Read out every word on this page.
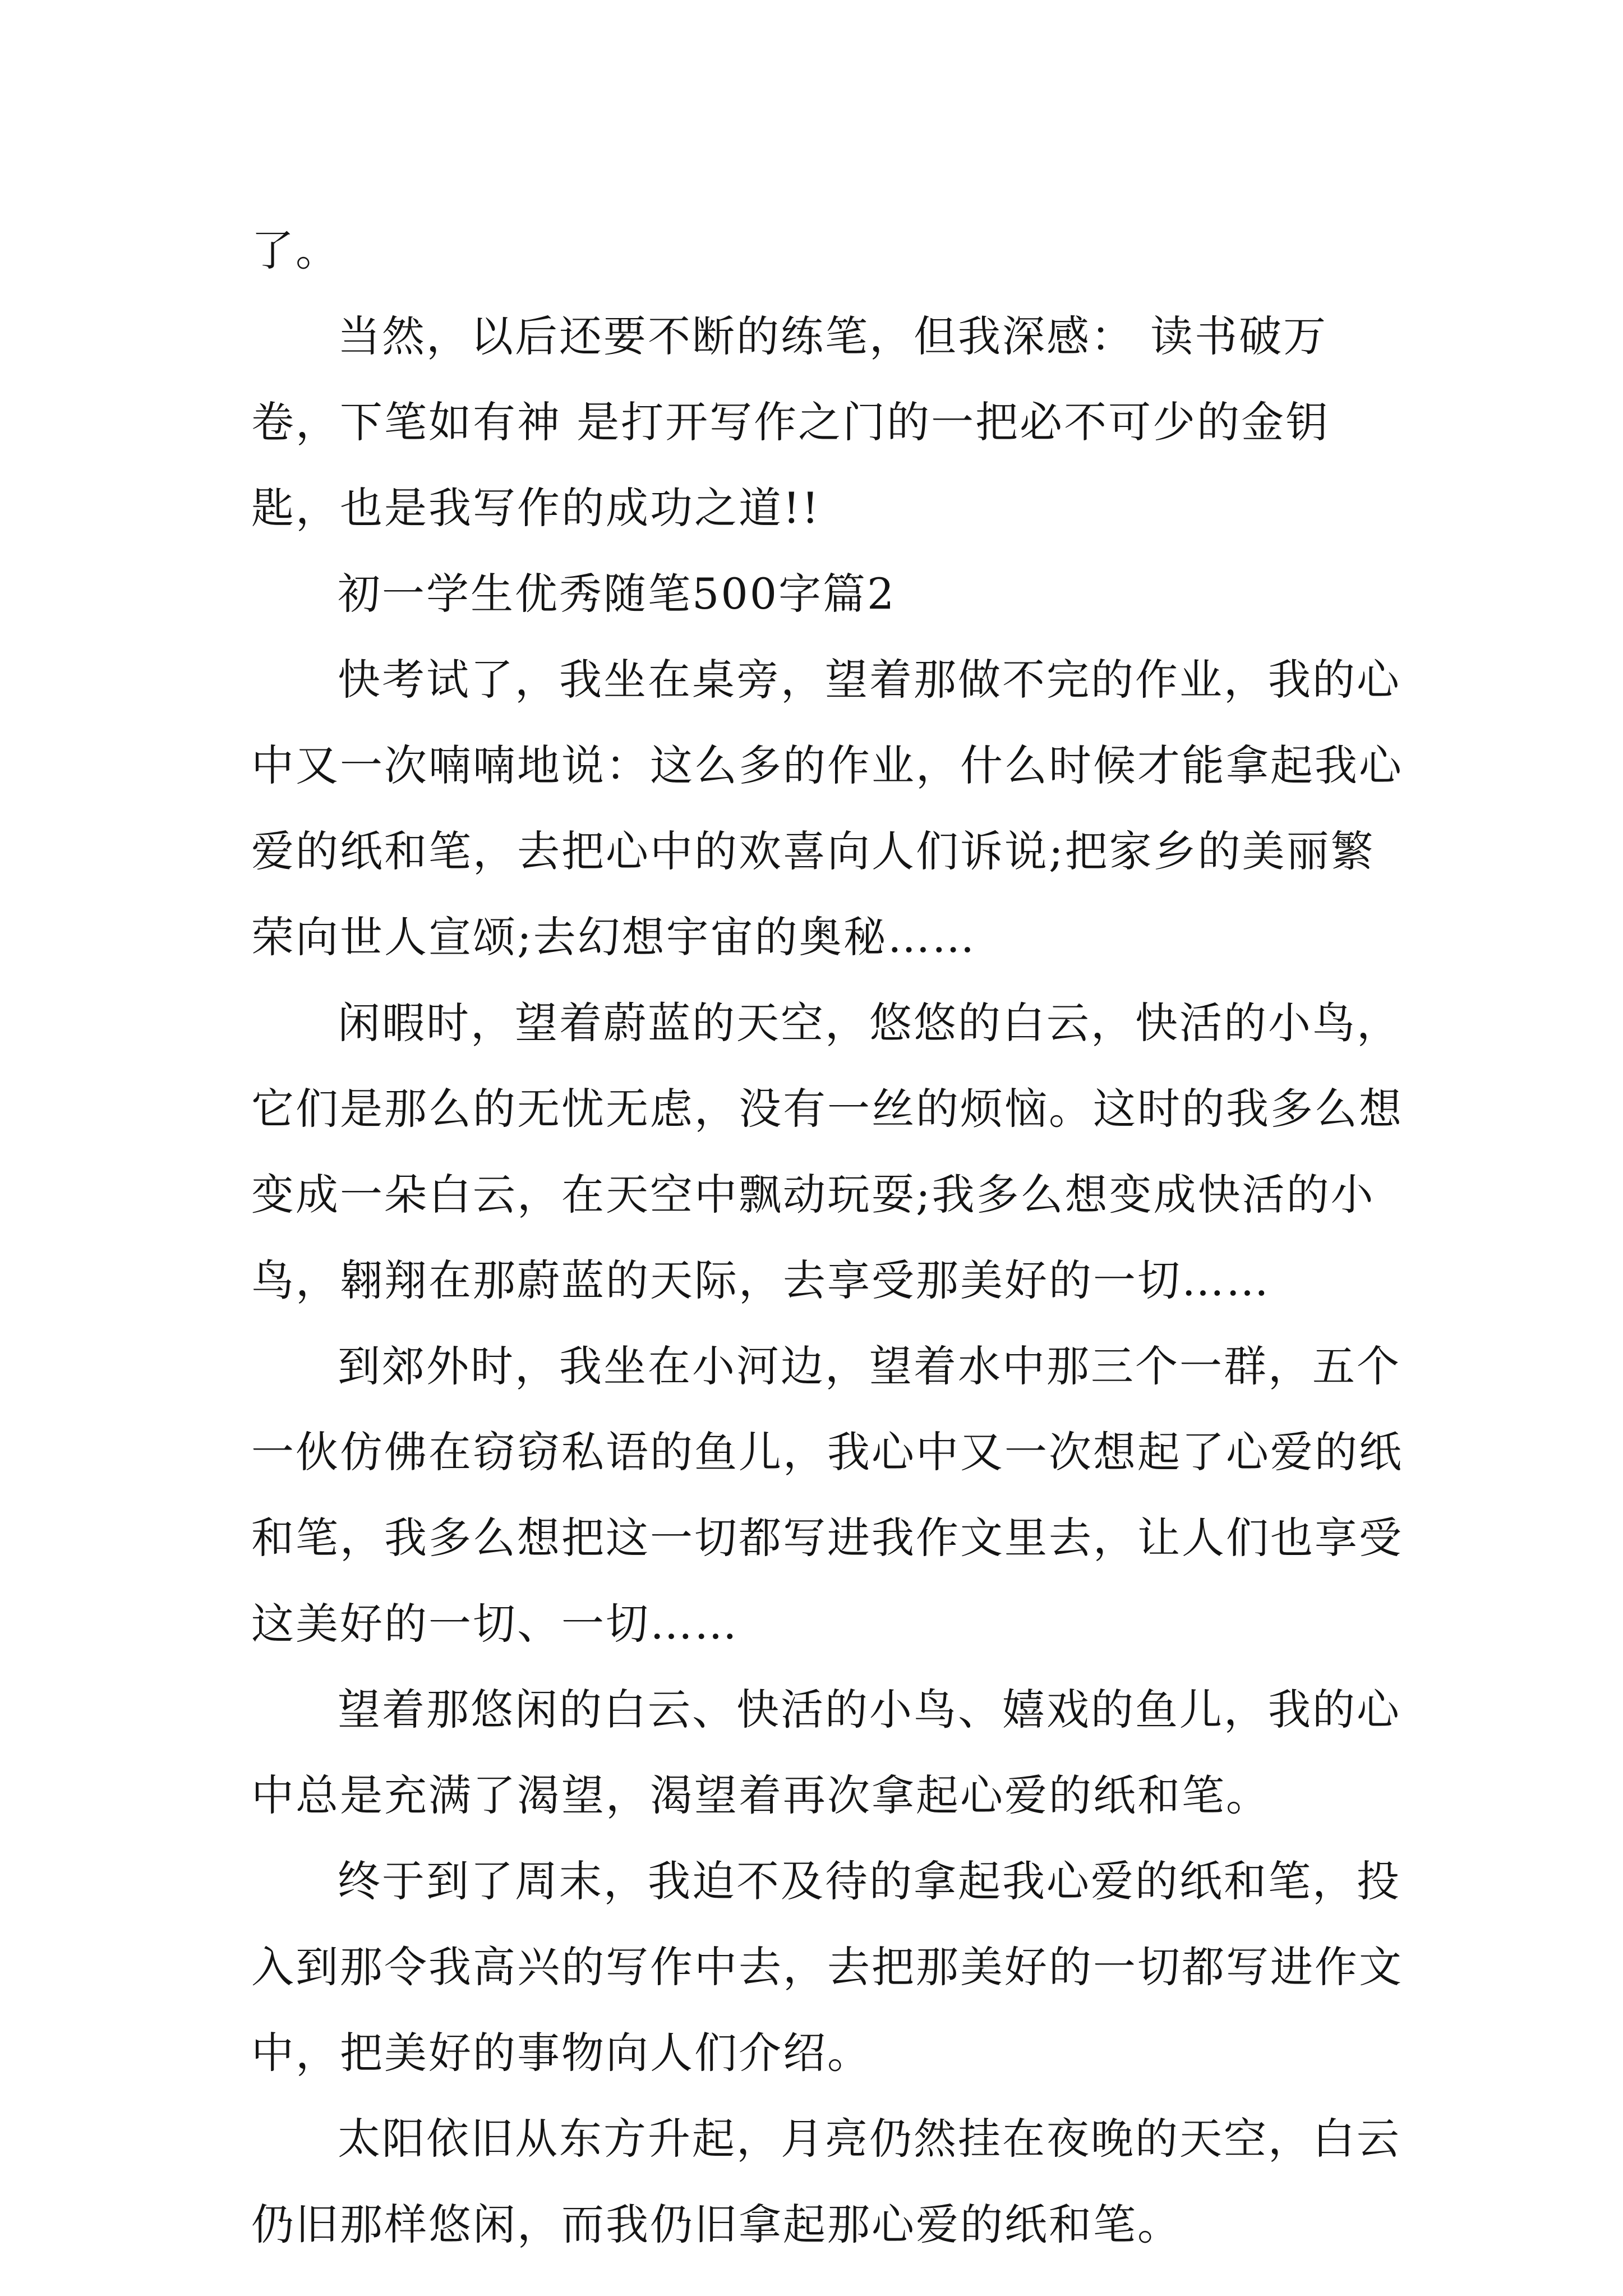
了。

当然，以后还要不断的练笔，但我深感： 读书破万卷，下笔如有神 是打开写作之门的一把必不可少的金钥匙，也是我写作的成功之道!!

初一学生优秀随笔500字篇2

快考试了，我坐在桌旁，望着那做不完的作业，我的心中又一次喃喃地说：这么多的作业，什么时候才能拿起我心爱的纸和笔，去把心中的欢喜向人们诉说;把家乡的美丽繁荣向世人宣颂;去幻想宇宙的奥秘……

闲暇时，望着蔚蓝的天空，悠悠的白云，快活的小鸟，它们是那么的无忧无虑，没有一丝的烦恼。这时的我多么想变成一朵白云，在天空中飘动玩耍;我多么想变成快活的小鸟，翱翔在那蔚蓝的天际，去享受那美好的一切……

到郊外时，我坐在小河边，望着水中那三个一群，五个一伙仿佛在窃窃私语的鱼儿，我心中又一次想起了心爱的纸和笔，我多么想把这一切都写进我作文里去，让人们也享受这美好的一切、一切……

望着那悠闲的白云、快活的小鸟、嬉戏的鱼儿，我的心中总是充满了渴望，渴望着再次拿起心爱的纸和笔。

终于到了周末，我迫不及待的拿起我心爱的纸和笔，投入到那令我高兴的写作中去，去把那美好的一切都写进作文中，把美好的事物向人们介绍。

太阳依旧从东方升起，月亮仍然挂在夜晚的天空，白云仍旧那样悠闲，而我仍旧拿起那心爱的纸和笔。
